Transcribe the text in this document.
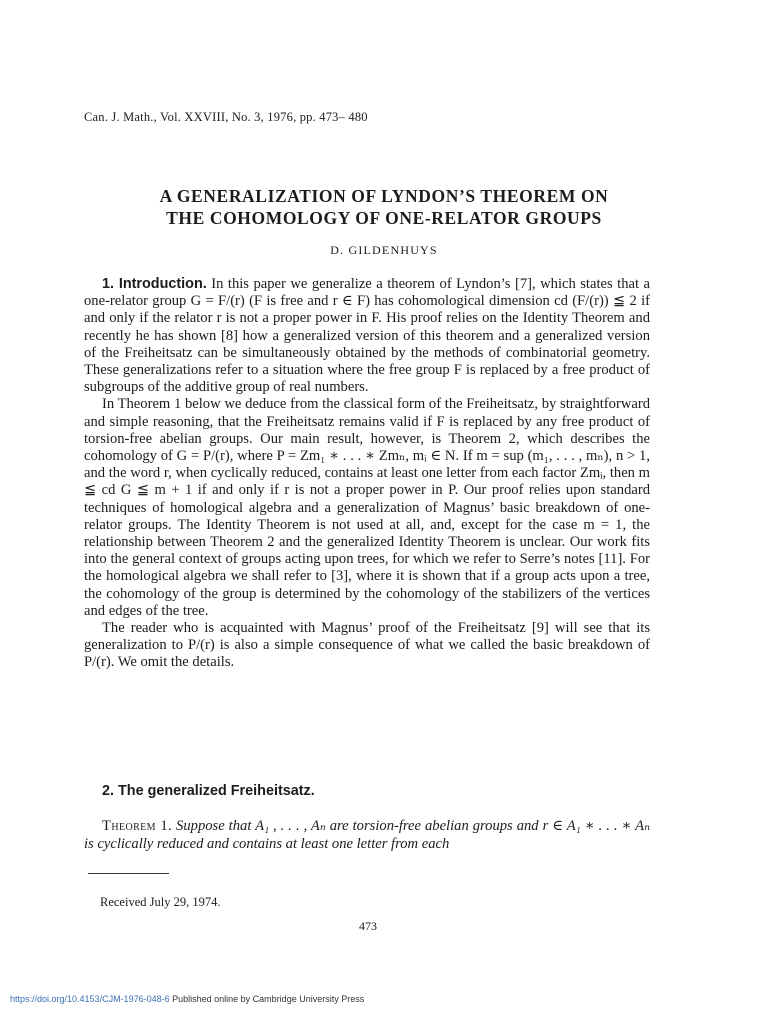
Can. J. Math., Vol. XXVIII, No. 3, 1976, pp. 473– 480
A GENERALIZATION OF LYNDON’S THEOREM ON
THE COHOMOLOGY OF ONE-RELATOR GROUPS
D. GILDENHUYS

1. Introduction. In this paper we generalize a theorem of Lyndon’s [7], which states that a one-relator group G = F/(r) (F is free and r ∈ F) has cohomological dimension cd (F/(r)) ≦ 2 if and only if the relator r is not a proper power in F. His proof relies on the Identity Theorem and recently he has shown [8] how a generalized version of this theorem and a generalized version of the Freiheitsatz can be simultaneously obtained by the methods of combinatorial geometry. These generalizations refer to a situation where the free group F is replaced by a free product of subgroups of the additive group of real numbers.

In Theorem 1 below we deduce from the classical form of the Freiheitsatz, by straightforward and simple reasoning, that the Freiheitsatz remains valid if F is replaced by any free product of torsion-free abelian groups. Our main result, however, is Theorem 2, which describes the cohomology of G = P/(r), where P = Zm₁ ∗ . . . ∗ Zmₙ, mᵢ ∈ N. If m = sup (m₁, . . . , mₙ), n > 1, and the word r, when cyclically reduced, contains at least one letter from each factor Zmᵢ, then m ≦ cd G ≦ m + 1 if and only if r is not a proper power in P. Our proof relies upon standard techniques of homological algebra and a generalization of Magnus’ basic breakdown of one-relator groups. The Identity Theorem is not used at all, and, except for the case m = 1, the relationship between Theorem 2 and the generalized Identity Theorem is unclear. Our work fits into the general context of groups acting upon trees, for which we refer to Serre’s notes [11]. For the homological algebra we shall refer to [3], where it is shown that if a group acts upon a tree, the cohomology of the group is determined by the cohomology of the stabilizers of the vertices and edges of the tree.

The reader who is acquainted with Magnus’ proof of the Freiheitsatz [9] will see that its generalization to P/(r) is also a simple consequence of what we called the basic breakdown of P/(r). We omit the details.

2. The generalized Freiheitsatz.
Theorem 1. Suppose that A₁ , . . . , Aₙ are torsion-free abelian groups and r ∈ A₁ ∗ . . . ∗ Aₙ is cyclically reduced and contains at least one letter from each
Received July 29, 1974.
473
https://doi.org/10.4153/CJM-1976-048-6 Published online by Cambridge University Press
